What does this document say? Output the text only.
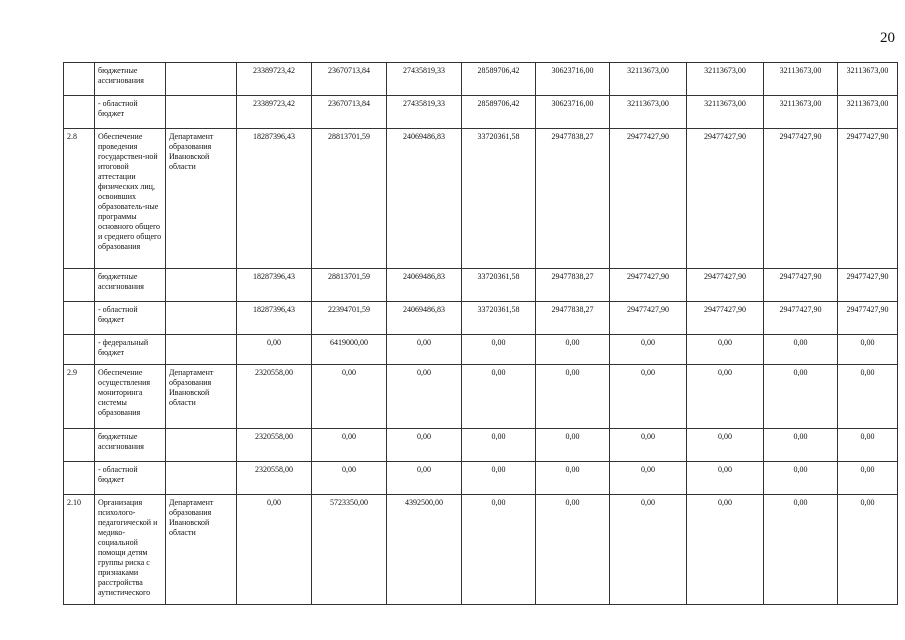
20
	бюджетные ассигнования		23389723,42	23670713,84	27435819,33	28589706,42	30623716,00	32113673,00	32113673,00	32113673,00	32113673,00
	- областной бюджет		23389723,42	23670713,84	27435819,33	28589706,42	30623716,00	32113673,00	32113673,00	32113673,00	32113673,00
2.8	Обеспечение проведения государствен-ной итоговой аттестации физических лиц, освоивших образователь-ные программы основного общего и среднего общего образования	Департамент образования Ивановской области	18287396,43	28813701,59	24069486,83	33720361,58	29477838,27	29477427,90	29477427,90	29477427,90	29477427,90
	бюджетные ассигнования		18287396,43	28813701,59	24069486,83	33720361,58	29477838,27	29477427,90	29477427,90	29477427,90	29477427,90
	- областной бюджет		18287396,43	22394701,59	24069486,83	33720361,58	29477838,27	29477427,90	29477427,90	29477427,90	29477427,90
	- федеральный бюджет		0,00	6419000,00	0,00	0,00	0,00	0,00	0,00	0,00	0,00
2.9	Обеспечение осуществления мониторинга системы образования	Департамент образования Ивановской области	2320558,00	0,00	0,00	0,00	0,00	0,00	0,00	0,00	0,00
	бюджетные ассигнования		2320558,00	0,00	0,00	0,00	0,00	0,00	0,00	0,00	0,00
	- областной бюджет		2320558,00	0,00	0,00	0,00	0,00	0,00	0,00	0,00	0,00
2.10	Организация психолого-педагогической и медико-социальной помощи детям группы риска с признаками расстройства аутистического	Департамент образования Ивановской области	0,00	5723350,00	4392500,00	0,00	0,00	0,00	0,00	0,00	0,00
